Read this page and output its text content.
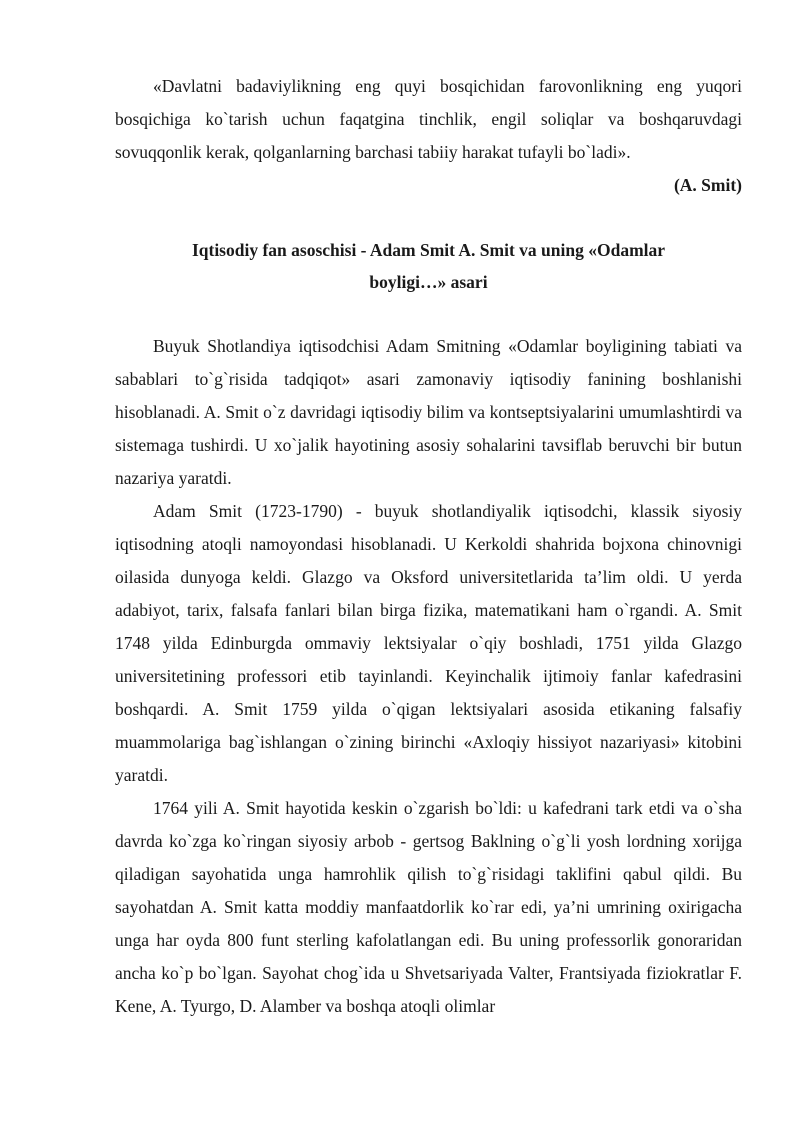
«Davlatni badaviylikning eng quyi bosqichidan farovonlikning eng yuqori bosqichiga ko`tarish uchun faqatgina tinchlik, engil soliqlar va boshqaruvdagi sovuqqonlik kerak, qolganlarning barchasi tabiiy harakat tufayli bo`ladi».

(A. Smit)
Iqtisodiy fan asoschisi - Adam Smit A. Smit va uning «Odamlar
boyligi…» asari

Buyuk Shotlandiya iqtisodchisi Adam Smitning «Odamlar boyligining tabiati va sabablari to`g`risida tadqiqot» asari zamonaviy iqtisodiy fanining boshlanishi hisoblanadi. A. Smit o`z davridagi iqtisodiy bilim va kontseptsiyalarini umumlashtirdi va sistemaga tushirdi. U xo`jalik hayotining asosiy sohalarini tavsiflab beruvchi bir butun nazariya yaratdi.

Adam Smit (1723-1790) - buyuk shotlandiyalik iqtisodchi, klassik siyosiy iqtisodning atoqli namoyondasi hisoblanadi. U Kerkoldi shahrida bojxona chinovnigi oilasida dunyoga keldi. Glazgo va Oksford universitetlarida ta’lim oldi. U yerda adabiyot, tarix, falsafa fanlari bilan birga fizika, matematikani ham o`rgandi. A. Smit 1748 yilda Edinburgda ommaviy lektsiyalar o`qiy boshladi, 1751 yilda Glazgo universitetining professori etib tayinlandi. Keyinchalik ijtimoiy fanlar kafedrasini boshqardi. A. Smit 1759 yilda o`qigan lektsiyalari asosida etikaning falsafiy muammolariga bag`ishlangan o`zining birinchi «Axloqiy hissiyot nazariyasi» kitobini yaratdi.

1764 yili A. Smit hayotida keskin o`zgarish bo`ldi: u kafedrani tark etdi va o`sha davrda ko`zga ko`ringan siyosiy arbob - gertsog Baklning o`g`li yosh lordning xorijga qiladigan sayohatida unga hamrohlik qilish to`g`risidagi taklifini qabul qildi. Bu sayohatdan A. Smit katta moddiy manfaatdorlik ko`rar edi, ya’ni umrining oxirigacha unga har oyda 800 funt sterling kafolatlangan edi. Bu uning professorlik gonoraridan ancha ko`p bo`lgan. Sayohat chog`ida u Shvetsariyada Valter, Frantsiyada fiziokratlar F. Kene, A. Tyurgo, D. Alamber va boshqa atoqli olimlar
